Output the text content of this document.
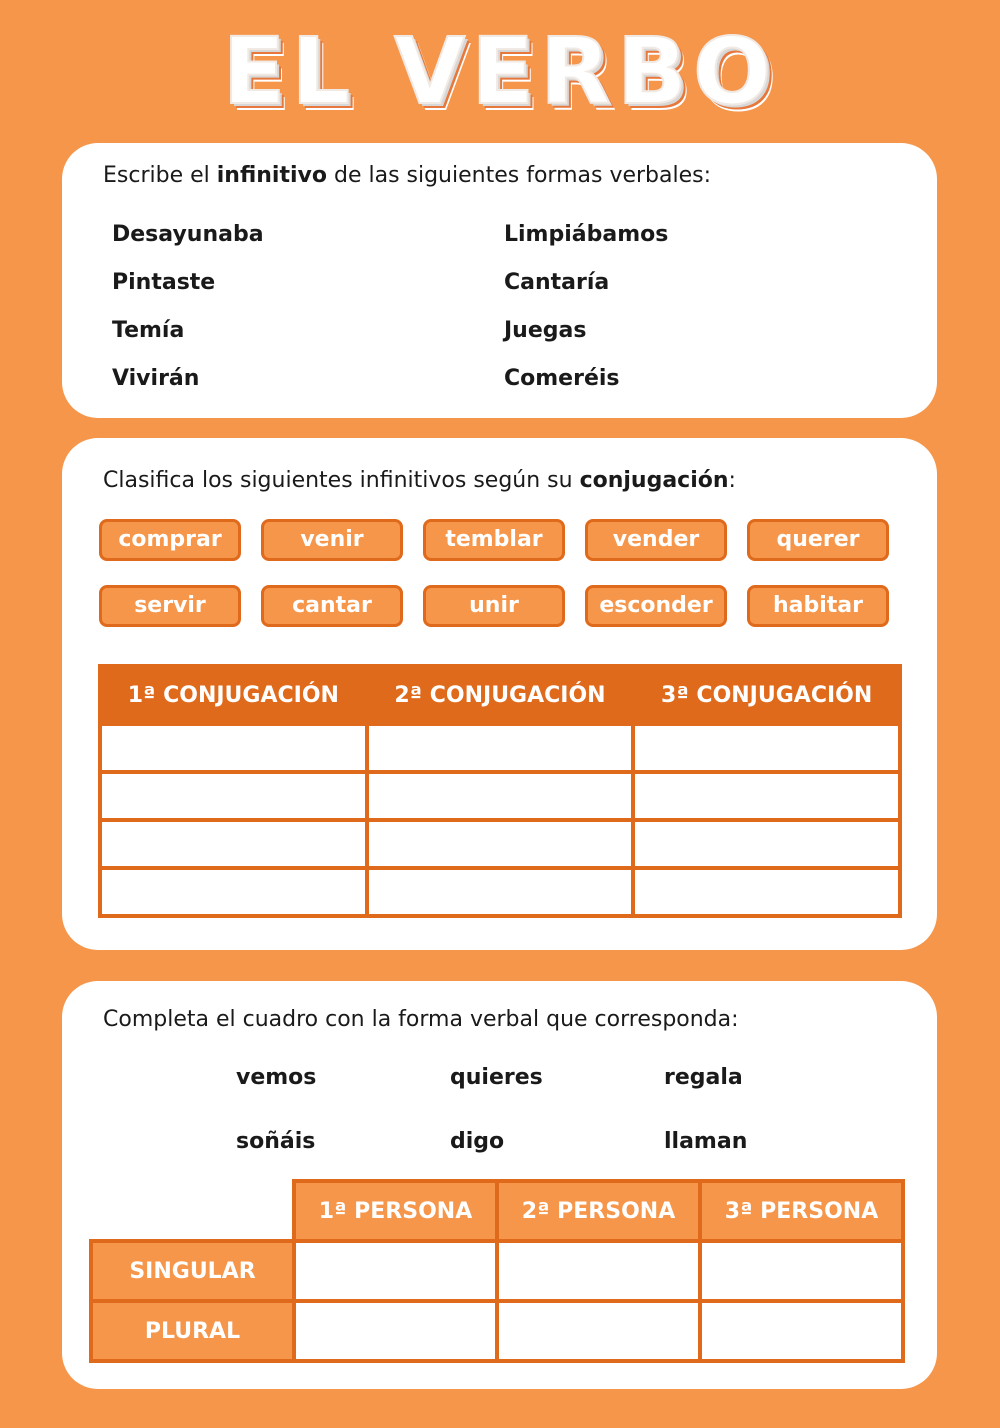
EL VERBO
Escribe el infinitivo de las siguientes formas verbales:
Desayunaba
Pintaste
Temía
Vivirán
Limpiábamos
Cantaría
Juegas
Comeréis
Clasifica los siguientes infinitivos según su conjugación:
comprar	venir	temblar	vender	querer
servir	cantar	unir	esconder	habitar
1ª CONJUGACIÓN	2ª CONJUGACIÓN	3ª CONJUGACIÓN

Completa el cuadro con la forma verbal que corresponda:
vemos	quieres	regala
soñáis	digo	llaman
	1ª PERSONA	2ª PERSONA	3ª PERSONA
SINGULAR			
PLURAL			
